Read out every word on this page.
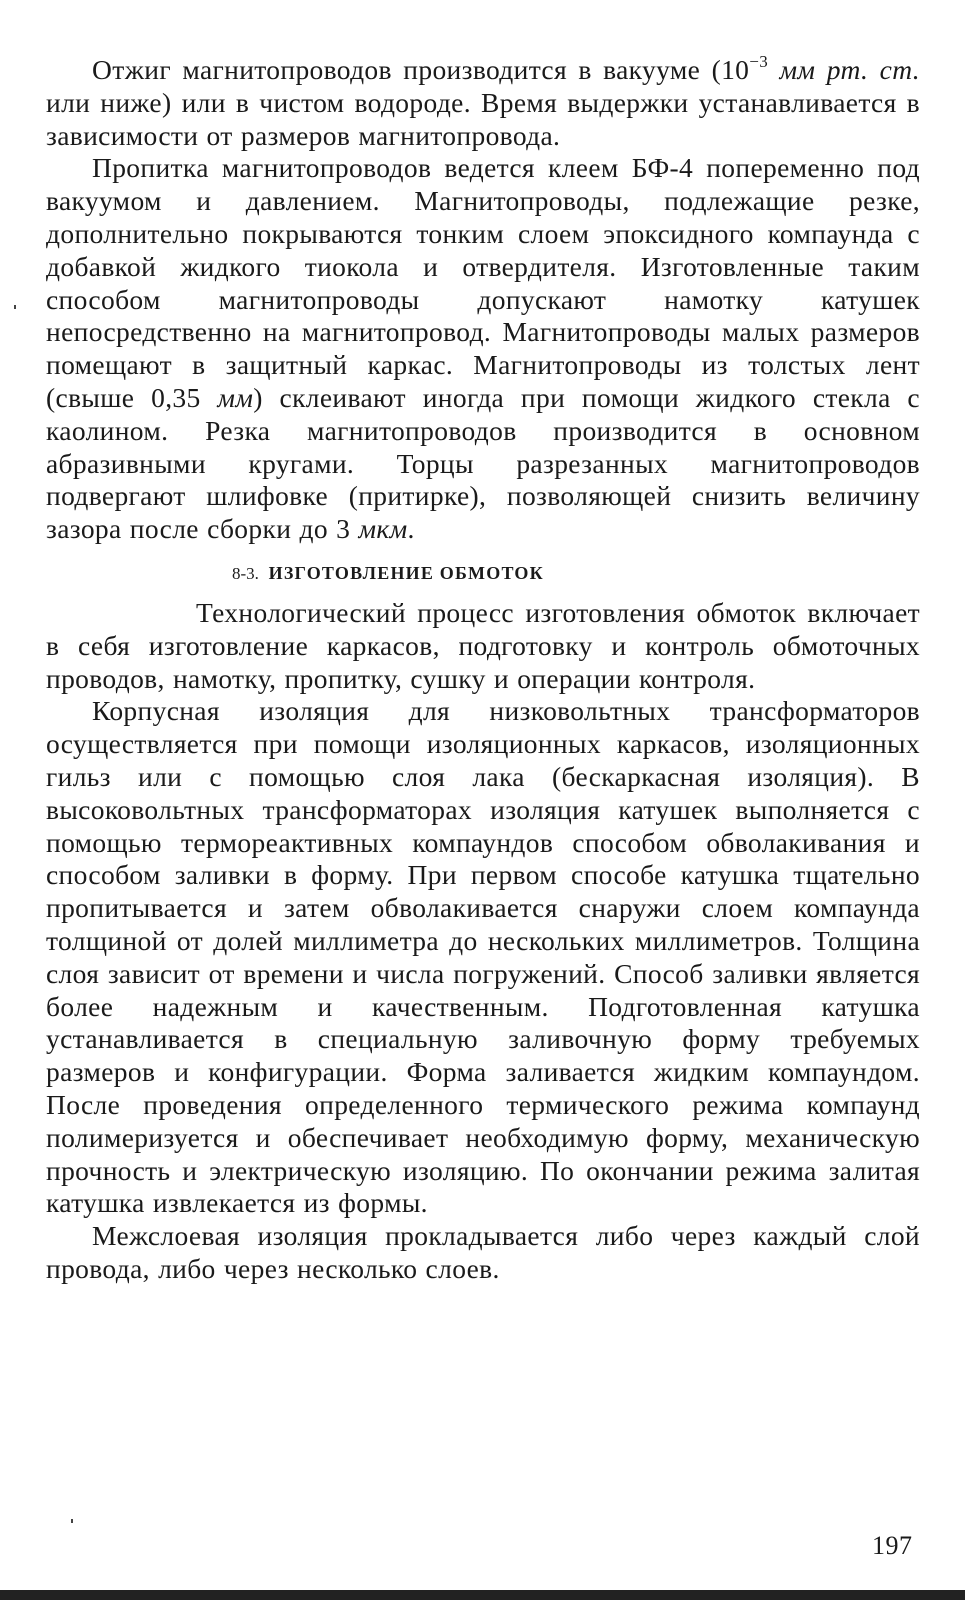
Отжиг магнитопроводов производится в вакууме ($10^{-3}$ мм рт. ст. или ниже) или в чистом водороде. Время выдержки устанавливается в зависимости от размеров магнитопровода.

Пропитка магнитопроводов ведется клеем БФ-4 попеременно под вакуумом и давлением. Магнитопроводы, подлежащие резке, дополнительно покрываются тонким слоем эпоксидного компаунда с добавкой жидкого тиокола и отвердителя. Изготовленные таким способом магнитопроводы допускают намотку катушек непосредственно на магнитопровод. Магнитопроводы малых размеров помещают в защитный каркас. Магнитопроводы из толстых лент (свыше 0,35 мм) склеивают иногда при помощи жидкого стекла с каолином. Резка магнитопроводов производится в основном абразивными кругами. Торцы разрезанных магнитопроводов подвергают шлифовке (притирке), позволяющей снизить величину зазора после сборки до 3 мкм.

8-3. ИЗГОТОВЛЕНИЕ ОБМОТОК

Технологический процесс изготовления обмоток включает в себя изготовление каркасов, подготовку и контроль обмоточных проводов, намотку, пропитку, сушку и операции контроля.

Корпусная изоляция для низковольтных трансформаторов осуществляется при помощи изоляционных каркасов, изоляционных гильз или с помощью слоя лака (бескаркасная изоляция). В высоковольтных трансформаторах изоляция катушек выполняется с помощью термореактивных компаундов способом обволакивания и способом заливки в форму. При первом способе катушка тщательно пропитывается и затем обволакивается снаружи слоем компаунда толщиной от долей миллиметра до нескольких миллиметров. Толщина слоя зависит от времени и числа погружений. Способ заливки является более надежным и качественным. Подготовленная катушка устанавливается в специальную заливочную форму требуемых размеров и конфигурации. Форма заливается жидким компаундом. После проведения определенного термического режима компаунд полимеризуется и обеспечивает необходимую форму, механическую прочность и электрическую изоляцию. По окончании режима залитая катушка извлекается из формы.

Межслоевая изоляция прокладывается либо через каждый слой провода, либо через несколько слоев.

197
